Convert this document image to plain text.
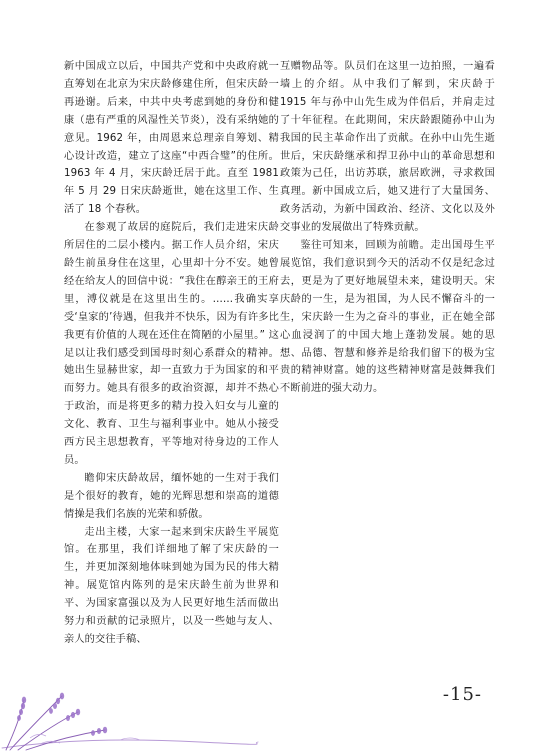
新中国成立以后，中国共产党和中央政府就一直筹划在北京为宋庆龄修建住所，但宋庆龄一再逊谢。后来，中共中央考虑到她的身份和健康（患有严重的风湿性关节炎），没有采纳她的意见。1962 年，由周恩来总理亲自筹划、精心设计改造，建立了这座“中西合璧”的住所。1963 年 4 月，宋庆龄迁居于此。直至 1981 年 5 月 29 日宋庆龄逝世，她在这里工作、生活了 18 个春秋。

在参观了故居的庭院后，我们走进宋庆龄所居住的二层小楼内。据工作人员介绍，宋庆龄生前虽身住在这里，心里却十分不安。她曾经在给友人的回信中说：“我住在醇亲王的王府里，溥仪就是在这里出生的。……我确实享受‘皇家的’待遇，但我并不快乐，因为有许多比我更有价值的人现在还住在简陋的小屋里。” 这足以让我们感受到国母时刻心系群众的精神。她出生显赫世家，却一直致力于为国家的和平而努力。她具有很多的政治资源，却并不热心于政治，而是将更多的精力投入妇女与儿童的文化、教育、卫生与福利事业中。她从小接受西方民主思想教育，平等地对待身边的工作人员。

瞻仰宋庆龄故居，缅怀她的一生对于我们是个很好的教育，她的光辉思想和崇高的道德情操是我们名族的光荣和骄傲。

走出主楼，大家一起来到宋庆龄生平展览馆。在那里，我们详细地了解了宋庆龄的一生，并更加深刻地体味到她为国为民的伟大精神。展览馆内陈列的是宋庆龄生前为世界和平、为国家富强以及为人民更好地生活而做出努力和贡献的记录照片，以及一些她与友人、亲人的交往手稿、

互赠物品等。队员们在这里一边拍照，一遍看墙上的介绍。从中我们了解到，宋庆龄于 1915 年与孙中山先生成为伴侣后，并肩走过了十年征程。在此期间，宋庆龄跟随孙中山为我国的民主革命作出了贡献。在孙中山先生逝世后，宋庆龄继承和捍卫孙中山的革命思想和政策为己任，出访苏联，旅居欧洲，寻求救国真理。新中国成立后，她又进行了大量国务、政务活动，为新中国政治、经济、文化以及外交事业的发展做出了特殊贡献。

鉴往可知来，回顾为前瞻。走出国母生平展览馆，我们意识到今天的活动不仅是纪念过去，更是为了更好地展望未来，建设明天。宋庆龄的一生，是为祖国，为人民不懈奋斗的一生，宋庆龄一生为之奋斗的事业，正在她全部心血浸润了的中国大地上蓬勃发展。她的思想、品德、智慧和修养是给我们留下的极为宝贵的精神财富。她的这些精神财富是鼓舞我们不断前进的强大动力。

-15-
